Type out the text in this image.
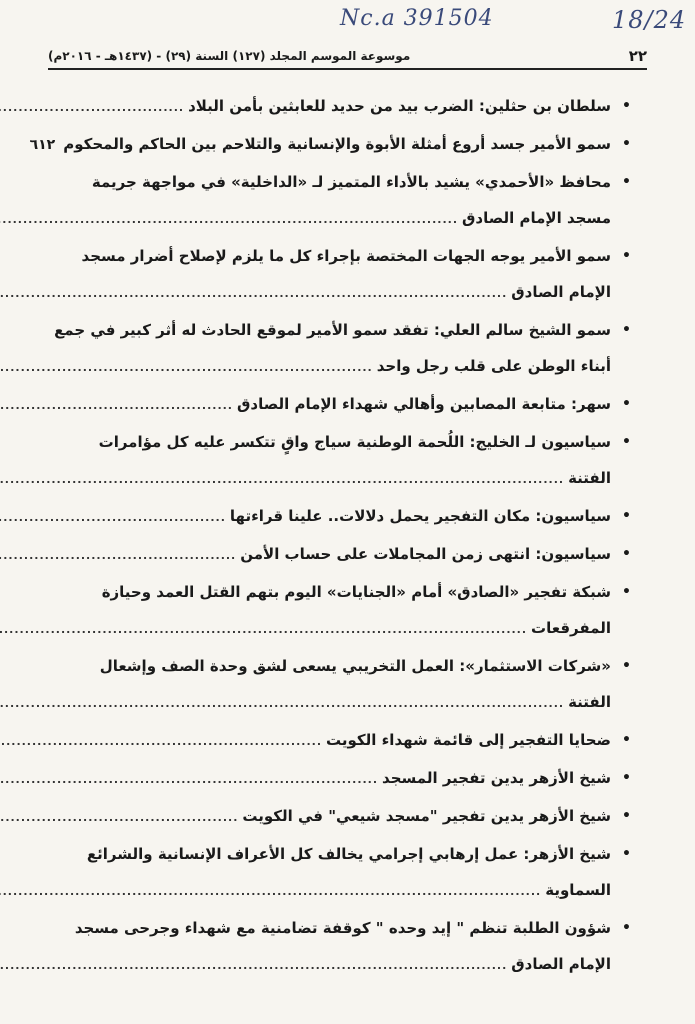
Nc.a 391504	18/24
٢٢
موسوعة الموسم المجلد (١٢٧) السنة (٢٩) - (١٤٣٧هـ - ٢٠١٦م)
• سلطان بن حثلين: الضرب بيد من حديد للعابثين بأمن البلاد
.....
• سمو الأمير جسد أروع أمثلة الأبوة والإنسانية والتلاحم بين الحاكم والمحكوم
٦١٢
• محافظ «الأحمدي» يشيد بالأداء المتميز لـ «الداخلية» في مواجهة جريمة
مسجد الإمام الصادق
.....
• سمو الأمير يوجه الجهات المختصة بإجراء كل ما يلزم لإصلاح أضرار مسجد
الإمام الصادق
.....
• سمو الشيخ سالم العلي: تفقد سمو الأمير لموقع الحادث له أثر كبير في جمع
أبناء الوطن على قلب رجل واحد
.....
• سهر: متابعة المصابين وأهالي شهداء الإمام الصادق
.....
• سياسيون لـ الخليج: اللُحمة الوطنية سياج واقٍ تتكسر عليه كل مؤامرات
الفتنة
.....
• سياسيون: مكان التفجير يحمل دلالات.. علينا قراءتها
.....
• سياسيون: انتهى زمن المجاملات على حساب الأمن
.....
• شبكة تفجير «الصادق» أمام «الجنايات» اليوم بتهم القتل العمد وحيازة
المفرقعات
.....
• «شركات الاستثمار»: العمل التخريبي يسعى لشق وحدة الصف وإشعال
الفتنة
.....
• ضحايا التفجير إلى قائمة شهداء الكويت
.....
• شيخ الأزهر يدين تفجير المسجد
.....
• شيخ الأزهر يدين تفجير "مسجد شيعي" في الكويت
.....
• شيخ الأزهر: عمل إرهابي إجرامي يخالف كل الأعراف الإنسانية والشرائع
السماوية
.....
• شؤون الطلبة تنظم " إيد وحده " كوقفة تضامنية مع شهداء وجرحى مسجد
الإمام الصادق
.....
